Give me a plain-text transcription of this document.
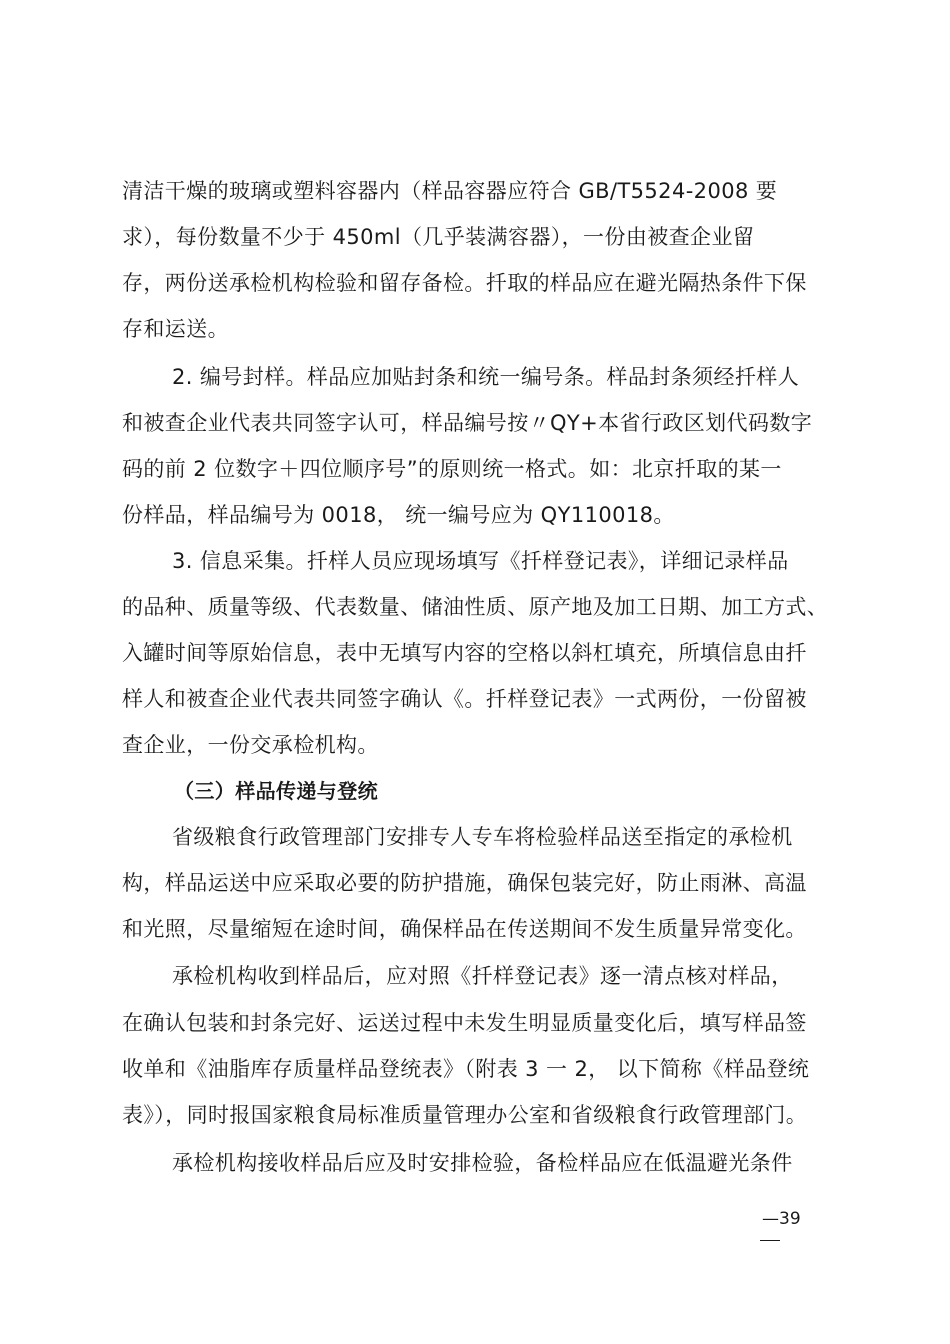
清洁干燥的玻璃或塑料容器内（样品容器应符合 GB/T5524-2008 要
求），每份数量不少于 450ml（几乎装满容器），一份由被查企业留
存，两份送承检机构检验和留存备检。扦取的样品应在避光隔热条件下保
存和运送。
2. 编号封样。样品应加贴封条和统一编号条。样品封条须经扦样人
和被查企业代表共同签字认可，样品编号按〃QY+本省行政区划代码数字
码的前 2 位数字＋四位顺序号”的原则统一格式。如：北京扦取的某一
份样品，样品编号为 0018， 统一编号应为 QY110018。
3. 信息采集。扦样人员应现场填写《扦样登记表》，详细记录样品
的品种、质量等级、代表数量、储油性质、原产地及加工日期、加工方式、
入罐时间等原始信息，表中无填写内容的空格以斜杠填充，所填信息由扦
样人和被查企业代表共同签字确认《。扦样登记表》一式两份，一份留被
查企业，一份交承检机构。
（三）样品传递与登统
省级粮食行政管理部门安排专人专车将检验样品送至指定的承检机
构，样品运送中应采取必要的防护措施，确保包装完好，防止雨淋、高温
和光照，尽量缩短在途时间，确保样品在传送期间不发生质量异常变化。
承检机构收到样品后，应对照《扦样登记表》逐一清点核对样品，
在确认包装和封条完好、运送过程中未发生明显质量变化后，填写样品签
收单和《油脂库存质量样品登统表》（附表 3 一 2， 以下简称《样品登统
表》），同时报国家粮食局标准质量管理办公室和省级粮食行政管理部门。
承检机构接收样品后应及时安排检验，备检样品应在低温避光条件
—39
